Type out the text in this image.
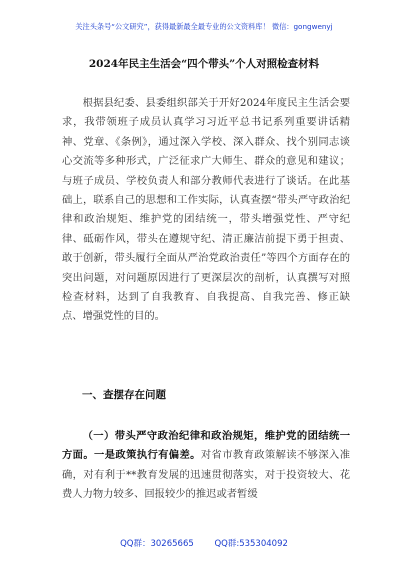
关注头条号“公文研究”，获得最新最全最专业的公文资料库！ 微信：gongwenyj
2024年民主生活会“四个带头”个人对照检查材料

根据县纪委、县委组织部关于开好2024年度民主生活会要求，我带领班子成员认真学习习近平总书记系列重要讲话精神、党章、《条例》，通过深入学校、深入群众、找个别同志谈心交流等多种形式，广泛征求广大师生、群众的意见和建议；与班子成员、学校负责人和部分教师代表进行了谈话。在此基础上，联系自己的思想和工作实际，认真查摆“带头严守政治纪律和政治规矩、维护党的团结统一，带头增强党性、严守纪律、砥砺作风，带头在遵规守纪、清正廉洁前提下勇于担责、敢于创新，带头履行全面从严治党政治责任”等四个方面存在的突出问题，对问题原因进行了更深层次的剖析，认真撰写对照检查材料，达到了自我教育、自我提高、自我完善、修正缺点、增强党性的目的。

一、查摆存在问题

（一）带头严守政治纪律和政治规矩，维护党的团结统一方面。一是政策执行有偏差。对省市教育政策解读不够深入准确，对有利于**教育发展的迅速贯彻落实，对于投资较大、花费人力物力较多、回报较少的推迟或者暂缓

QQ群：30265665 QQ群:535304092
